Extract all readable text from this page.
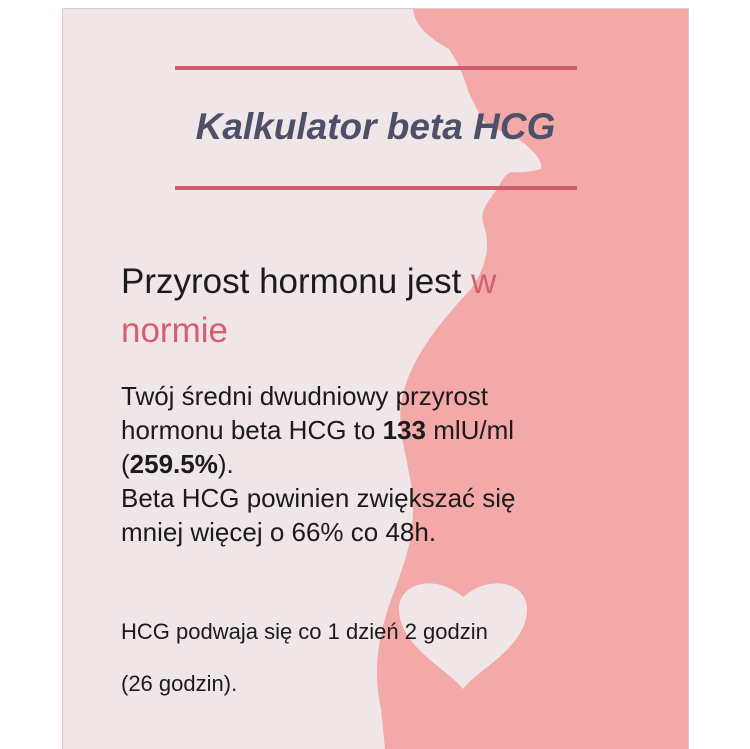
Kalkulator beta HCG
Przyrost hormonu jest w normie
Twój średni dwudniowy przyrost
hormonu beta HCG to 133 mlU/ml
(259.5%).
Beta HCG powinien zwiększać się
mniej więcej o 66% co 48h.
HCG podwaja się co 1 dzień 2 godzin
(26 godzin).
